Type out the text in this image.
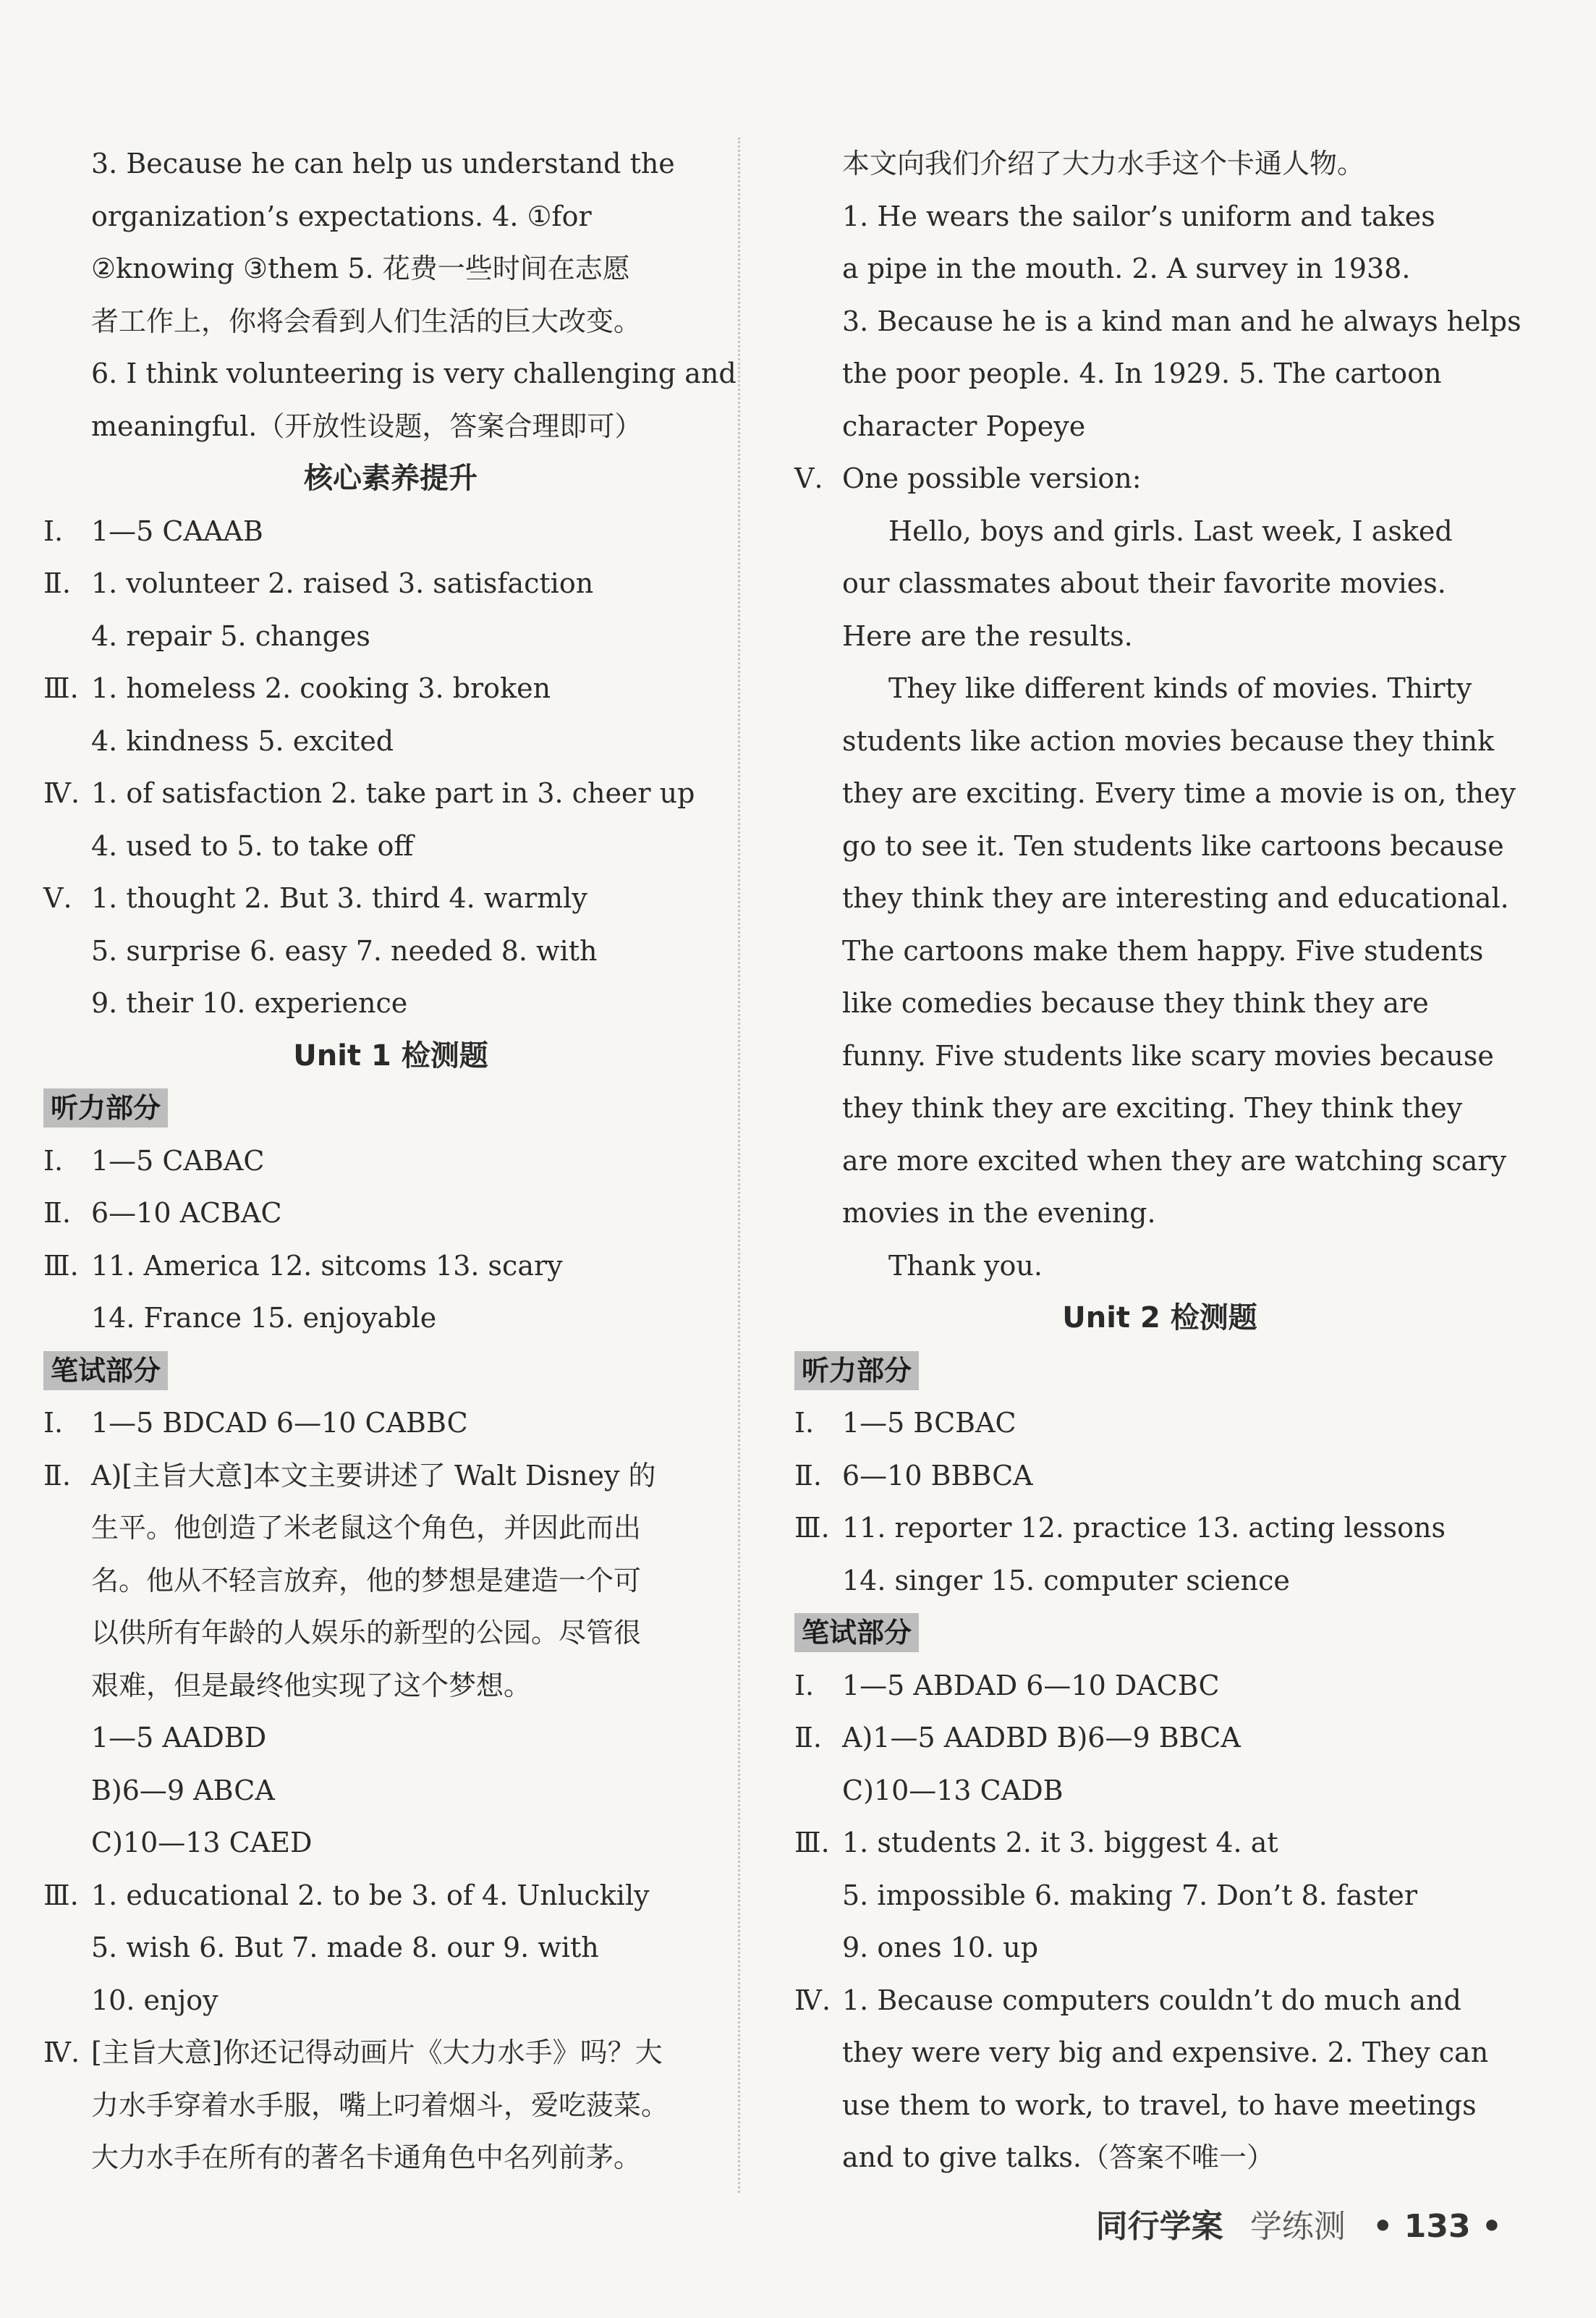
3. Because he can help us understand the
organization’s expectations. 4. ①for
②knowing ③them 5. 花费一些时间在志愿
者工作上，你将会看到人们生活的巨大改变。
6. I think volunteering is very challenging and
meaningful.（开放性设题，答案合理即可）
核心素养提升
Ⅰ. 1—5 CAAAB
Ⅱ. 1. volunteer 2. raised 3. satisfaction
4. repair 5. changes
Ⅲ. 1. homeless 2. cooking 3. broken
4. kindness 5. excited
Ⅳ. 1. of satisfaction 2. take part in 3. cheer up
4. used to 5. to take off
Ⅴ. 1. thought 2. But 3. third 4. warmly
5. surprise 6. easy 7. needed 8. with
9. their 10. experience
Unit 1 检测题
听力部分
Ⅰ. 1—5 CABAC
Ⅱ. 6—10 ACBAC
Ⅲ. 11. America 12. sitcoms 13. scary
14. France 15. enjoyable
笔试部分
Ⅰ. 1—5 BDCAD 6—10 CABBC
Ⅱ. A)[主旨大意]本文主要讲述了 Walt Disney 的
生平。他创造了米老鼠这个角色，并因此而出
名。他从不轻言放弃，他的梦想是建造一个可
以供所有年龄的人娱乐的新型的公园。尽管很
艰难，但是最终他实现了这个梦想。
1—5 AADBD
B)6—9 ABCA
C)10—13 CAED
Ⅲ. 1. educational 2. to be 3. of 4. Unluckily
5. wish 6. But 7. made 8. our 9. with
10. enjoy
Ⅳ. [主旨大意]你还记得动画片《大力水手》吗？大
力水手穿着水手服，嘴上叼着烟斗，爱吃菠菜。
大力水手在所有的著名卡通角色中名列前茅。
本文向我们介绍了大力水手这个卡通人物。
1. He wears the sailor’s uniform and takes
a pipe in the mouth. 2. A survey in 1938.
3. Because he is a kind man and he always helps
the poor people. 4. In 1929. 5. The cartoon
character Popeye
Ⅴ. One possible version:
Hello, boys and girls. Last week, I asked
our classmates about their favorite movies.
Here are the results.
They like different kinds of movies. Thirty
students like action movies because they think
they are exciting. Every time a movie is on, they
go to see it. Ten students like cartoons because
they think they are interesting and educational.
The cartoons make them happy. Five students
like comedies because they think they are
funny. Five students like scary movies because
they think they are exciting. They think they
are more excited when they are watching scary
movies in the evening.
Thank you.
Unit 2 检测题
听力部分
Ⅰ. 1—5 BCBAC
Ⅱ. 6—10 BBBCA
Ⅲ. 11. reporter 12. practice 13. acting lessons
14. singer 15. computer science
笔试部分
Ⅰ. 1—5 ABDAD 6—10 DACBC
Ⅱ. A)1—5 AADBD B)6—9 BBCA
C)10—13 CADB
Ⅲ. 1. students 2. it 3. biggest 4. at
5. impossible 6. making 7. Don’t 8. faster
9. ones 10. up
Ⅳ. 1. Because computers couldn’t do much and
they were very big and expensive. 2. They can
use them to work, to travel, to have meetings
and to give talks.（答案不唯一）
同行学案 学练测 • 133 •
